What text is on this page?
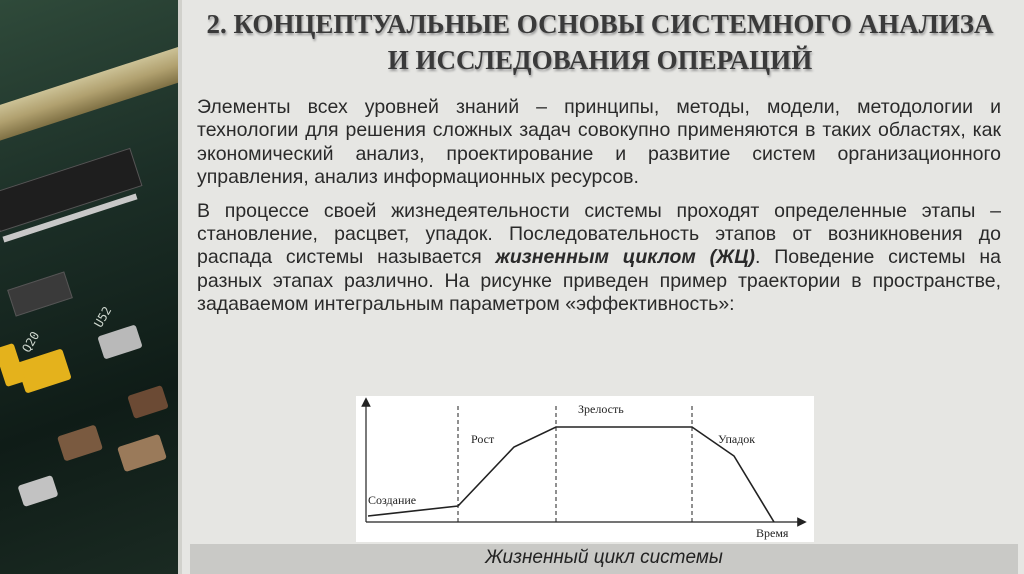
U52
Q20
2. КОНЦЕПТУАЛЬНЫЕ ОСНОВЫ СИСТЕМНОГО АНАЛИЗА
И ИССЛЕДОВАНИЯ ОПЕРАЦИЙ

Элементы всех уровней знаний – принципы, методы, модели, методологии и технологии для решения сложных задач совокупно применяются в таких областях, как экономический анализ, проектирование и развитие систем организационного управления, анализ информационных ресурсов.

В процессе своей жизнедеятельности системы проходят определенные этапы – становление, расцвет, упадок. Последовательность этапов от возникновения до распада системы называется жизненным циклом (ЖЦ). Поведение системы на разных этапах различно. На рисунке приведен пример траектории в пространстве, задаваемом интегральным параметром «эффективность»:

Создание
Рост
Зрелость
Упадок
Время
Жизненный цикл системы
